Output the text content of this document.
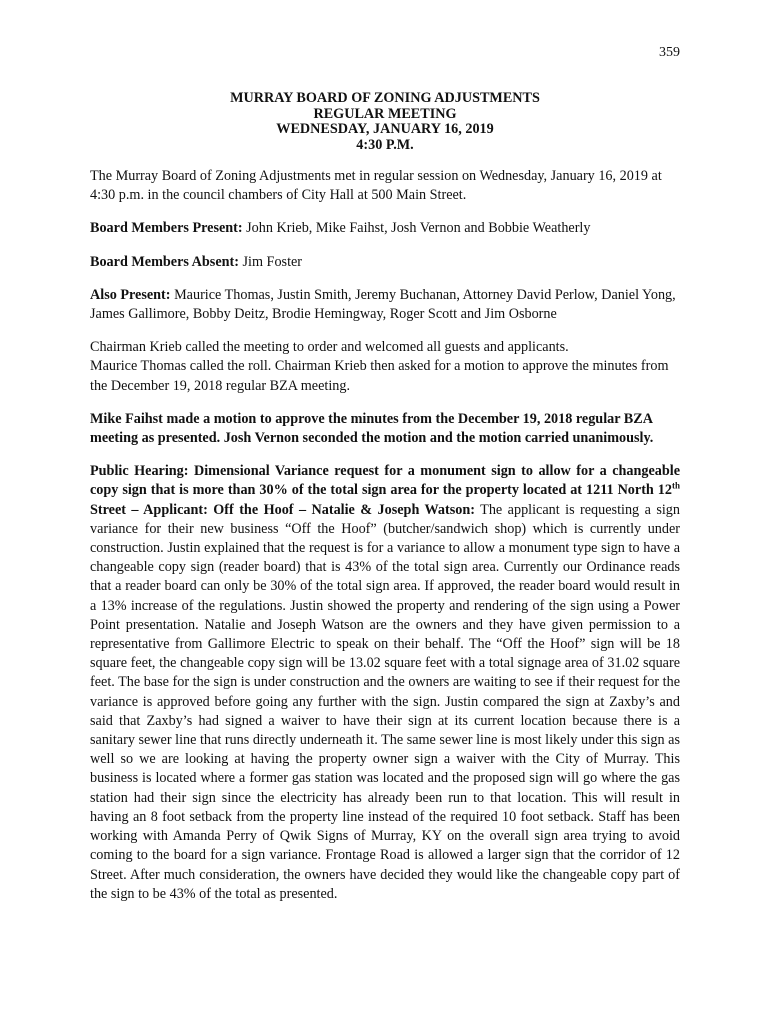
359
MURRAY BOARD OF ZONING ADJUSTMENTS
REGULAR MEETING
WEDNESDAY, JANUARY 16, 2019
4:30 P.M.

The Murray Board of Zoning Adjustments met in regular session on Wednesday, January 16, 2019 at 4:30 p.m. in the council chambers of City Hall at 500 Main Street.

Board Members Present: John Krieb, Mike Faihst, Josh Vernon and Bobbie Weatherly

Board Members Absent: Jim Foster

Also Present: Maurice Thomas, Justin Smith, Jeremy Buchanan, Attorney David Perlow, Daniel Yong, James Gallimore, Bobby Deitz, Brodie Hemingway, Roger Scott and Jim Osborne

Chairman Krieb called the meeting to order and welcomed all guests and applicants.
Maurice Thomas called the roll. Chairman Krieb then asked for a motion to approve the minutes from the December 19, 2018 regular BZA meeting.

Mike Faihst made a motion to approve the minutes from the December 19, 2018 regular BZA meeting as presented. Josh Vernon seconded the motion and the motion carried unanimously.

Public Hearing: Dimensional Variance request for a monument sign to allow for a changeable copy sign that is more than 30% of the total sign area for the property located at 1211 North 12th Street – Applicant: Off the Hoof – Natalie & Joseph Watson: The applicant is requesting a sign variance for their new business “Off the Hoof” (butcher/sandwich shop) which is currently under construction. Justin explained that the request is for a variance to allow a monument type sign to have a changeable copy sign (reader board) that is 43% of the total sign area. Currently our Ordinance reads that a reader board can only be 30% of the total sign area. If approved, the reader board would result in a 13% increase of the regulations. Justin showed the property and rendering of the sign using a Power Point presentation. Natalie and Joseph Watson are the owners and they have given permission to a representative from Gallimore Electric to speak on their behalf. The “Off the Hoof” sign will be 18 square feet, the changeable copy sign will be 13.02 square feet with a total signage area of 31.02 square feet. The base for the sign is under construction and the owners are waiting to see if their request for the variance is approved before going any further with the sign. Justin compared the sign at Zaxby’s and said that Zaxby’s had signed a waiver to have their sign at its current location because there is a sanitary sewer line that runs directly underneath it. The same sewer line is most likely under this sign as well so we are looking at having the property owner sign a waiver with the City of Murray. This business is located where a former gas station was located and the proposed sign will go where the gas station had their sign since the electricity has already been run to that location. This will result in having an 8 foot setback from the property line instead of the required 10 foot setback. Staff has been working with Amanda Perry of Qwik Signs of Murray, KY on the overall sign area trying to avoid coming to the board for a sign variance. Frontage Road is allowed a larger sign that the corridor of 12 Street. After much consideration, the owners have decided they would like the changeable copy part of the sign to be 43% of the total as presented.
